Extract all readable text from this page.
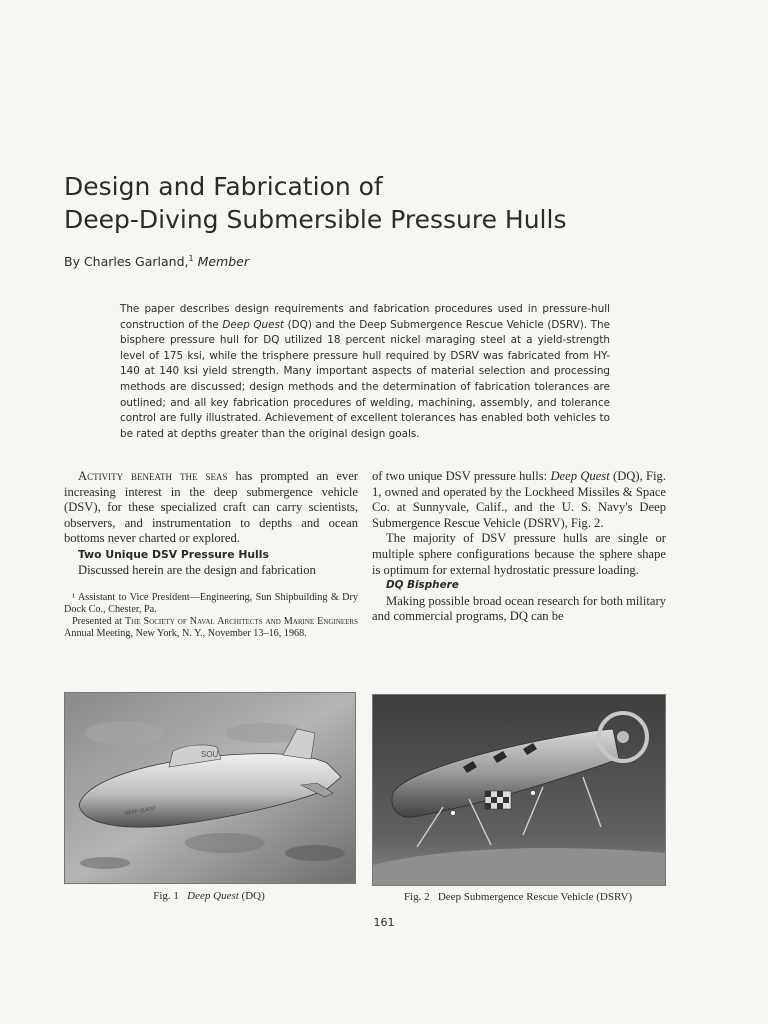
Design and Fabrication of
Deep-Diving Submersible Pressure Hulls
By Charles Garland,$^1$ Member
The paper describes design requirements and fabrication procedures used in pressure-hull construction of the Deep Quest (DQ) and the Deep Submergence Rescue Vehicle (DSRV). The bisphere pressure hull for DQ utilized 18 percent nickel maraging steel at a yield-strength level of 175 ksi, while the trisphere pressure hull required by DSRV was fabricated from HY-140 at 140 ksi yield strength. Many important aspects of material selection and processing methods are discussed; design methods and the determination of fabrication tolerances are outlined; and all key fabrication procedures of welding, machining, assembly, and tolerance control are fully illustrated. Achievement of excellent tolerances has enabled both vehicles to be rated at depths greater than the original design goals.

Activity beneath the seas has prompted an ever increasing interest in the deep submergence vehicle (DSV), for these specialized craft can carry scientists, observers, and instrumentation to depths and ocean bottoms never charted or explored.

Two Unique DSV Pressure Hulls

Discussed herein are the design and fabrication

¹ Assistant to Vice President—Engineering, Sun Shipbuilding & Dry Dock Co., Chester, Pa.

Presented at The Society of Naval Architects and Marine Engineers Annual Meeting, New York, N. Y., November 13–16, 1968.

of two unique DSV pressure hulls: Deep Quest (DQ), Fig. 1, owned and operated by the Lockheed Missiles & Space Co. at Sunnyvale, Calif., and the U. S. Navy's Deep Submergence Rescue Vehicle (DSRV), Fig. 2.

The majority of DSV pressure hulls are single or multiple sphere configurations because the sphere shape is optimum for external hydrostatic pressure loading.

DQ Bisphere

Making possible broad ocean research for both military and commercial programs, DQ can be

SOU
DEEP QUEST
Fig. 1 Deep Quest (DQ)	Fig. 2   Deep Submergence Rescue Vehicle (DSRV)
161
